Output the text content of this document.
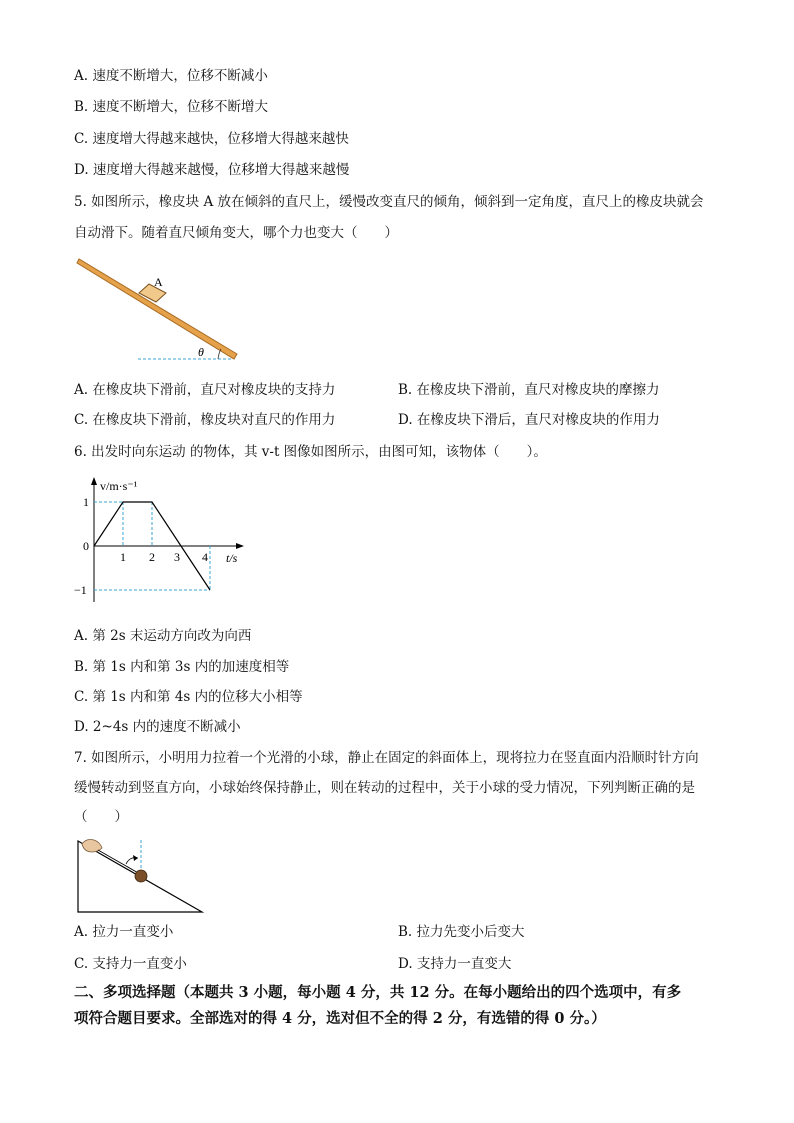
A. 速度不断增大，位移不断减小
B. 速度不断增大，位移不断增大
C. 速度增大得越来越快，位移增大得越来越快
D. 速度增大得越来越慢，位移增大得越来越慢
5. 如图所示，橡皮块 A 放在倾斜的直尺上，缓慢改变直尺的倾角，倾斜到一定角度，直尺上的橡皮块就会
自动滑下。随着直尺倾角变大，哪个力也变大（　　）
A
θ
A. 在橡皮块下滑前，直尺对橡皮块的支持力	B. 在橡皮块下滑前，直尺对橡皮块的摩擦力
C. 在橡皮块下滑前，橡皮块对直尺的作用力	D. 在橡皮块下滑后，直尺对橡皮块的作用力
6. 出发时向东运动 的物体，其 v-t 图像如图所示，由图可知，该物体（　　）。
v/m·s⁻¹
t/s
1
0
−1
1 2 3 4
A. 第 2s 末运动方向改为向西
B. 第 1s 内和第 3s 内的加速度相等
C. 第 1s 内和第 4s 内的位移大小相等
D. 2~4s 内的速度不断减小
7. 如图所示，小明用力拉着一个光滑的小球，静止在固定的斜面体上，现将拉力在竖直面内沿顺时针方向
缓慢转动到竖直方向，小球始终保持静止，则在转动的过程中，关于小球的受力情况，下列判断正确的是
（　　）
A. 拉力一直变小	B. 拉力先变小后变大
C. 支持力一直变小	D. 支持力一直变大
二、多项选择题（本题共 3 小题，每小题 4 分，共 12 分。在每小题给出的四个选项中，有多
项符合题目要求。全部选对的得 4 分，选对但不全的得 2 分，有选错的得 0 分。）
